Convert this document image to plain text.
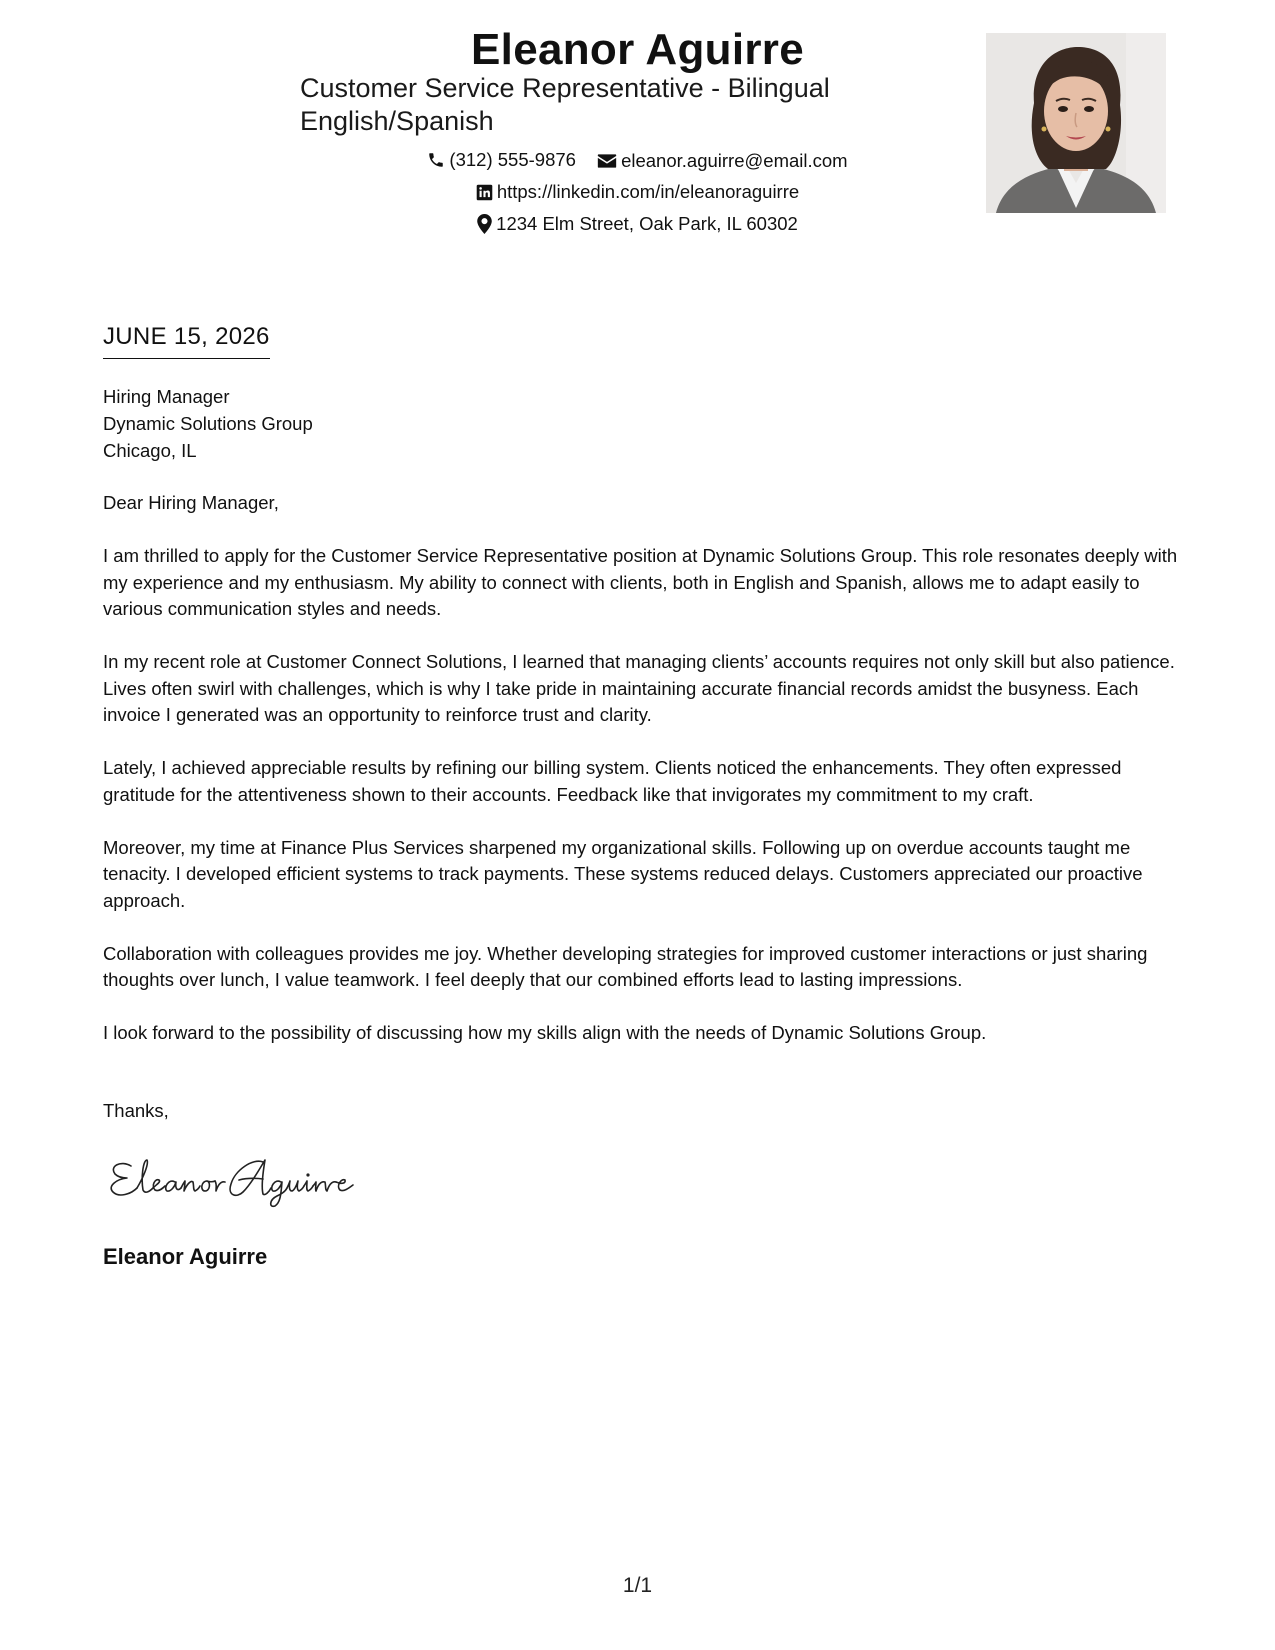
Eleanor Aguirre
Customer Service Representative - Bilingual English/Spanish
(312) 555-9876
eleanor.aguirre@email.com
https://linkedin.com/in/eleanoraguirre
1234 Elm Street, Oak Park, IL 60302
JUNE 15, 2026
Hiring Manager
Dynamic Solutions Group
Chicago, IL

Dear Hiring Manager,

I am thrilled to apply for the Customer Service Representative position at Dynamic Solutions Group. This role resonates deeply with my experience and my enthusiasm. My ability to connect with clients, both in English and Spanish, allows me to adapt easily to various communication styles and needs.

In my recent role at Customer Connect Solutions, I learned that managing clients’ accounts requires not only skill but also patience. Lives often swirl with challenges, which is why I take pride in maintaining accurate financial records amidst the busyness. Each invoice I generated was an opportunity to reinforce trust and clarity.

Lately, I achieved appreciable results by refining our billing system. Clients noticed the enhancements. They often expressed gratitude for the attentiveness shown to their accounts. Feedback like that invigorates my commitment to my craft.

Moreover, my time at Finance Plus Services sharpened my organizational skills. Following up on overdue accounts taught me tenacity. I developed efficient systems to track payments. These systems reduced delays. Customers appreciated our proactive approach.

Collaboration with colleagues provides me joy. Whether developing strategies for improved customer interactions or just sharing thoughts over lunch, I value teamwork. I feel deeply that our combined efforts lead to lasting impressions.

I look forward to the possibility of discussing how my skills align with the needs of Dynamic Solutions Group.

Thanks,
Eleanor Aguirre
1/1
